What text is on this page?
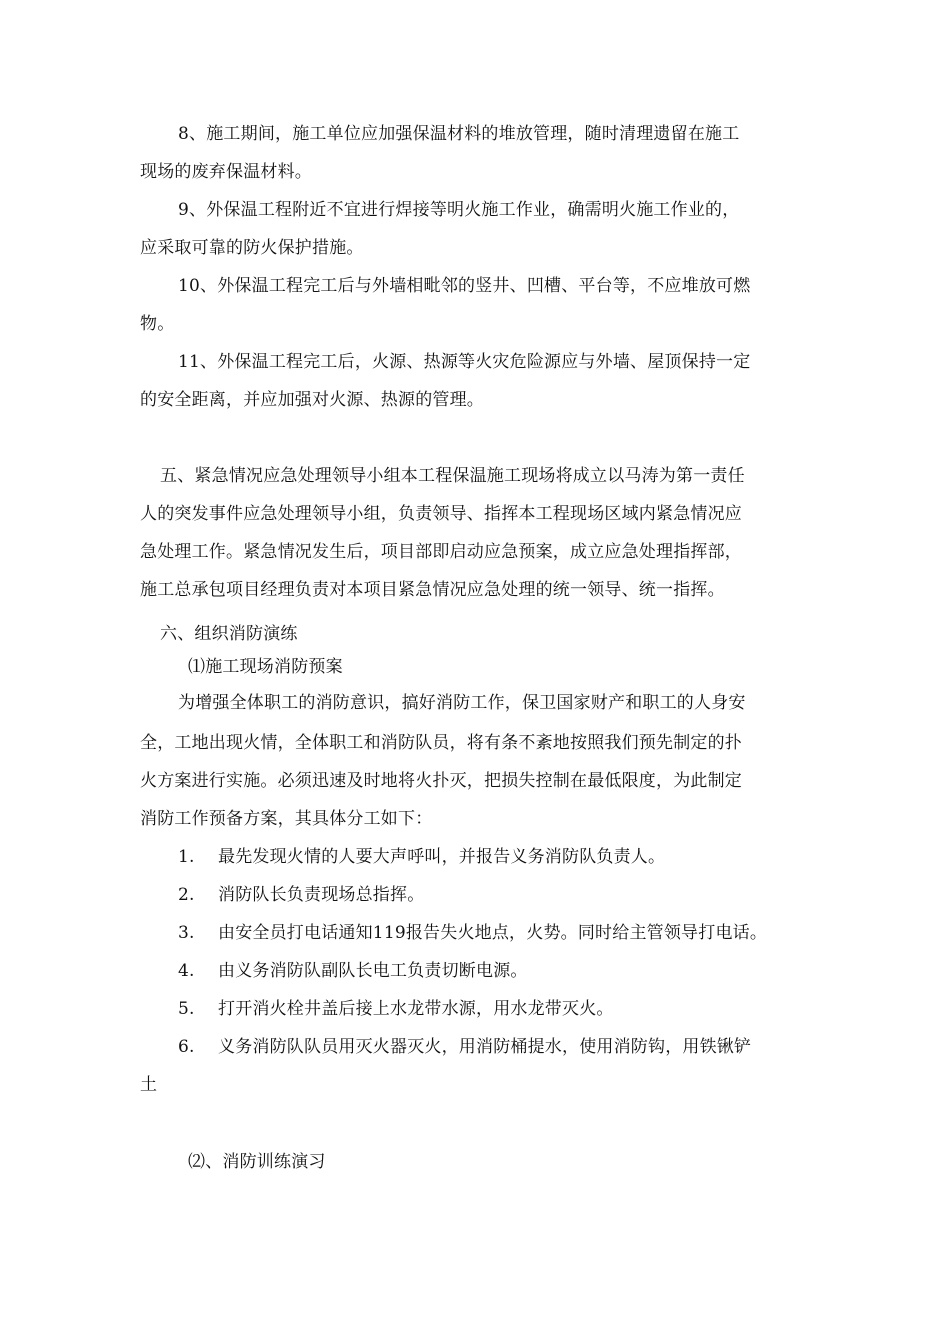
8、施工期间，施工单位应加强保温材料的堆放管理，随时清理遗留在施工
现场的废弃保温材料。
9、外保温工程附近不宜进行焊接等明火施工作业，确需明火施工作业的，
应采取可靠的防火保护措施。
10、外保温工程完工后与外墙相毗邻的竖井、凹槽、平台等，不应堆放可燃
物。
11、外保温工程完工后，火源、热源等火灾危险源应与外墙、屋顶保持一定
的安全距离，并应加强对火源、热源的管理。
五、紧急情况应急处理领导小组本工程保温施工现场将成立以马涛为第一责任
人的突发事件应急处理领导小组，负责领导、指挥本工程现场区域内紧急情况应
急处理工作。紧急情况发生后，项目部即启动应急预案，成立应急处理指挥部，
施工总承包项目经理负责对本项目紧急情况应急处理的统一领导、统一指挥。
六、组织消防演练
⑴施工现场消防预案
为增强全体职工的消防意识，搞好消防工作，保卫国家财产和职工的人身安
全，工地出现火情，全体职工和消防队员，将有条不紊地按照我们预先制定的扑
火方案进行实施。必须迅速及时地将火扑灭，把损失控制在最低限度，为此制定
消防工作预备方案，其具体分工如下：
1. 最先发现火情的人要大声呼叫，并报告义务消防队负责人。
2. 消防队长负责现场总指挥。
3. 由安全员打电话通知119报告失火地点，火势。同时给主管领导打电话。
4. 由义务消防队副队长电工负责切断电源。
5. 打开消火栓井盖后接上水龙带水源，用水龙带灭火。
6. 义务消防队队员用灭火器灭火，用消防桶提水，使用消防钩，用铁锹铲
土
⑵、消防训练演习
